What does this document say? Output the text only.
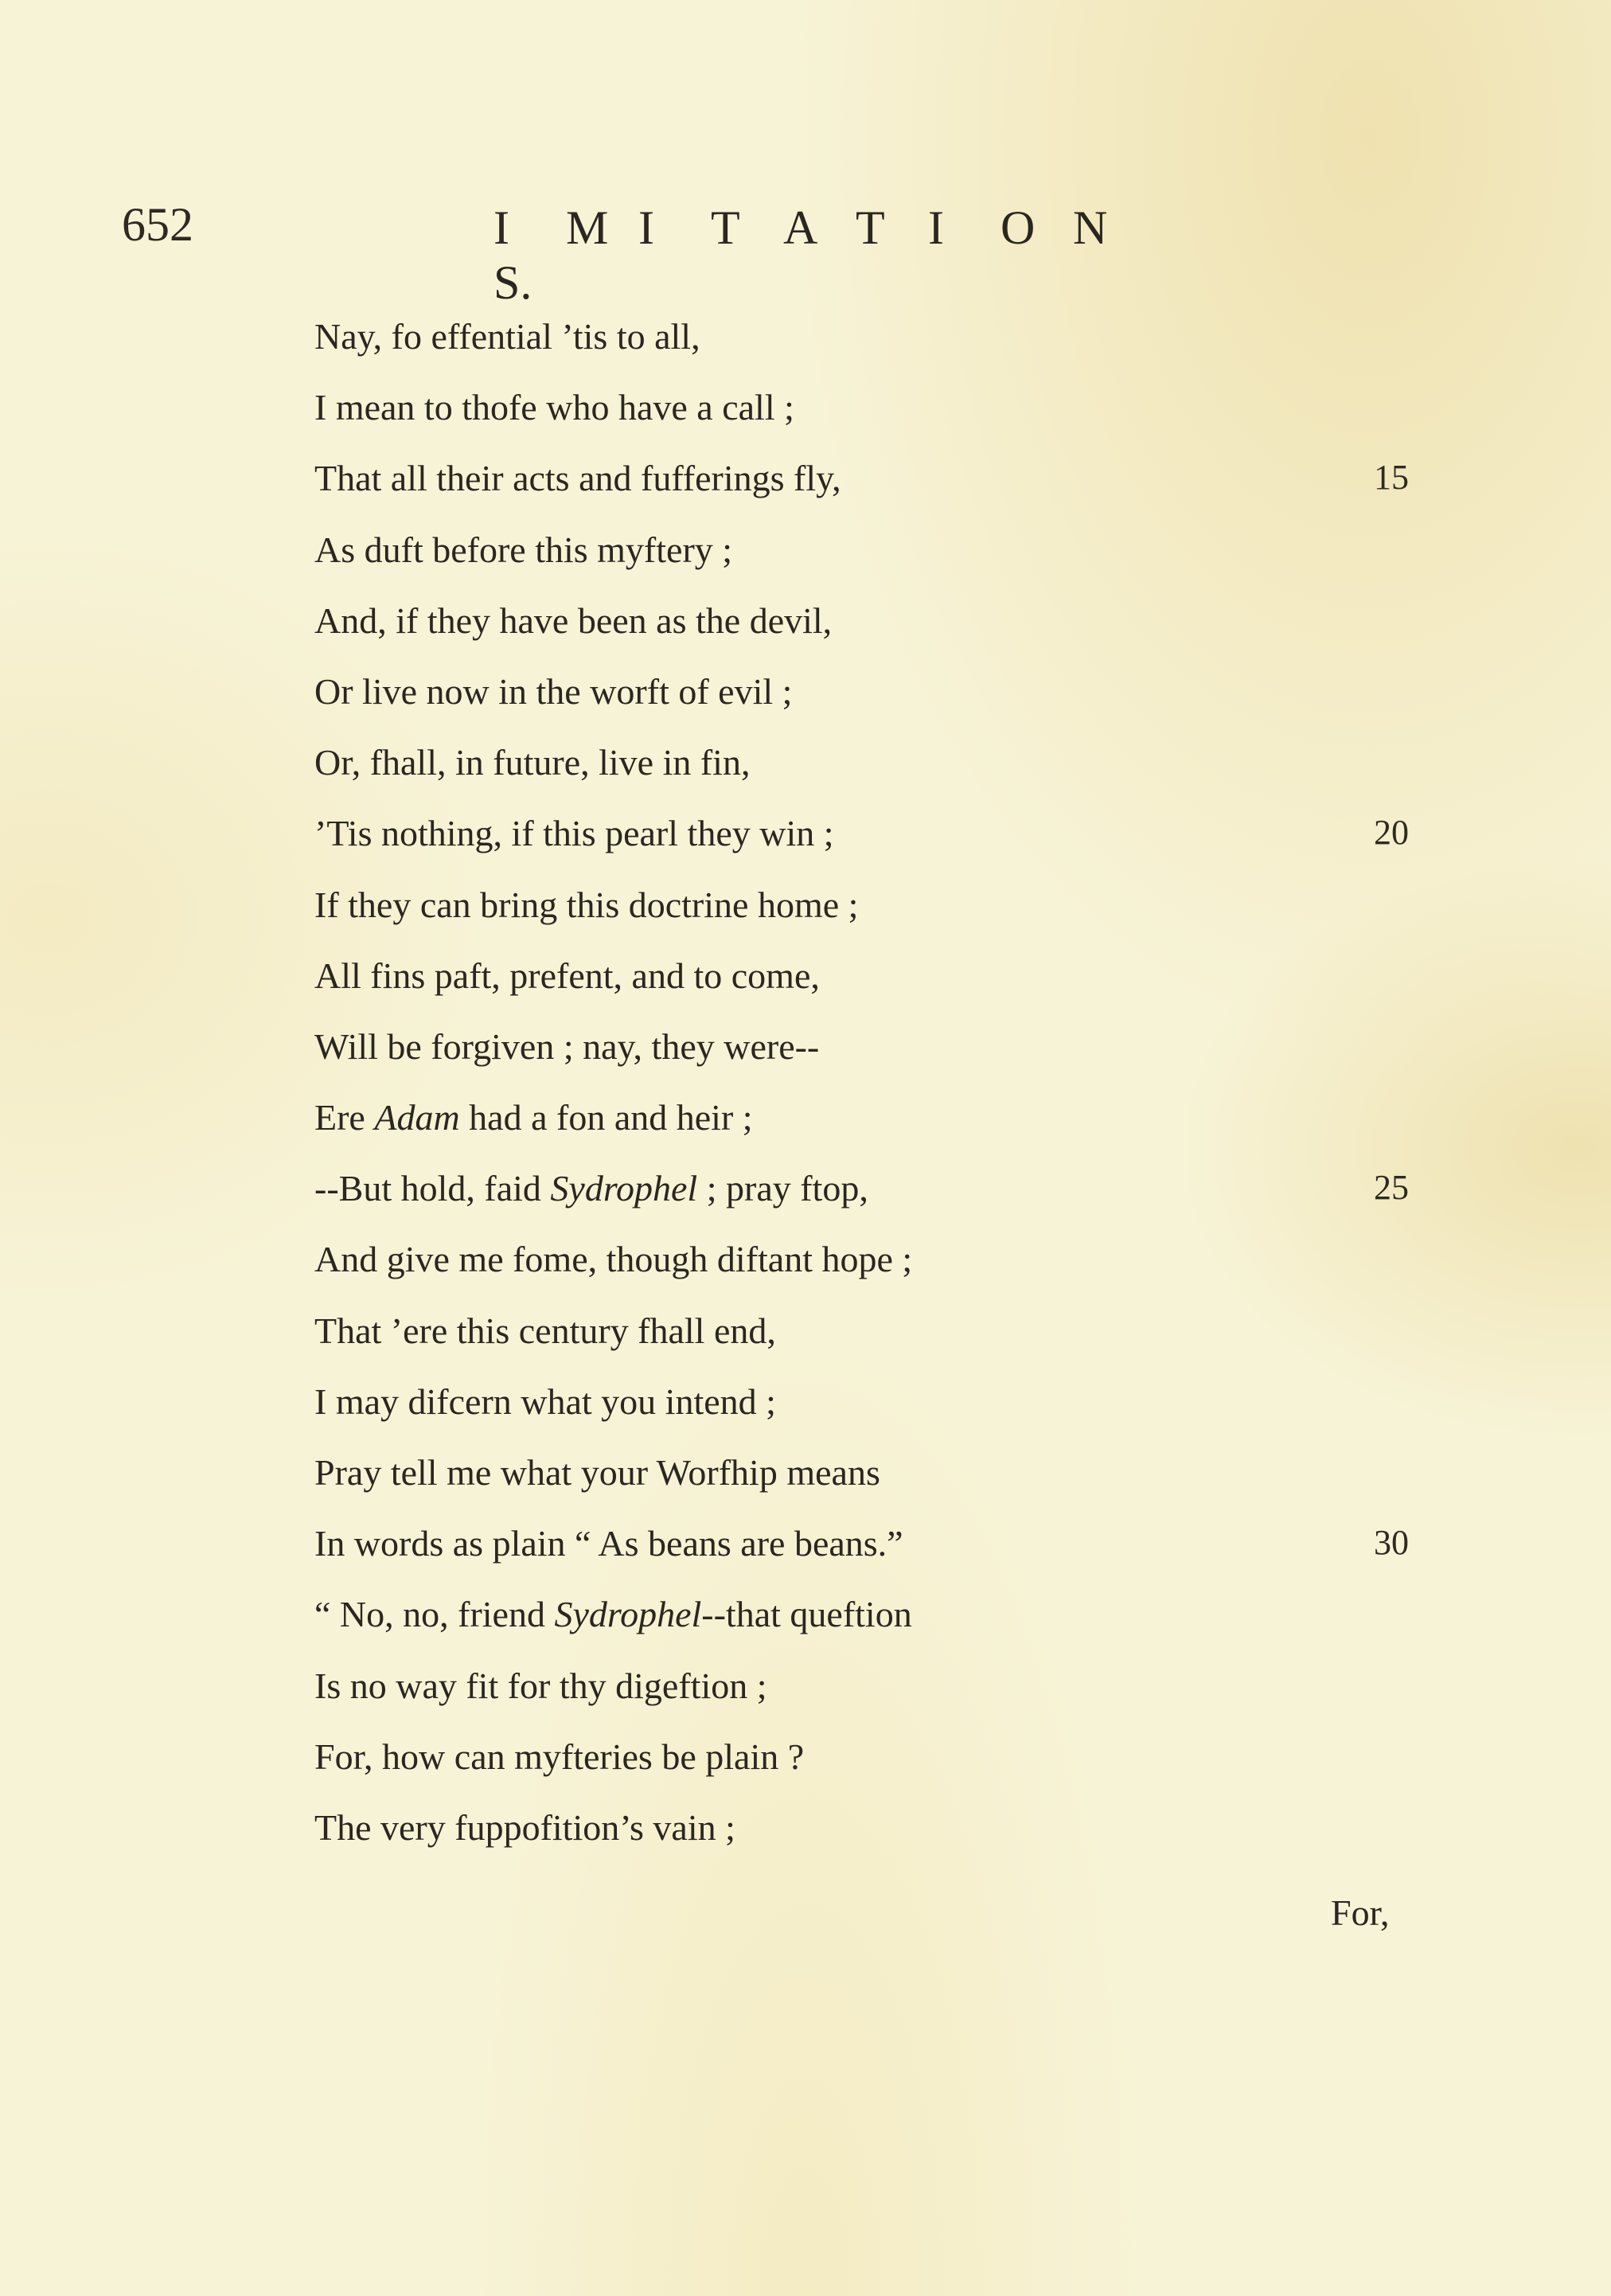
652	I M I T A T I O NS.
Nay, fo effential ’tis to all,
I mean to thofe who have a call ;
That all their acts and fufferings fly,
As duft before this myftery ;
And, if they have been as the devil,
Or live now in the worft of evil ;
Or, fhall, in future, live in fin,
’Tis nothing, if this pearl they win ;
If they can bring this doctrine home ;
All fins paft, prefent, and to come,
Will be forgiven ; nay, they were--
Ere Adam had a fon and heir ;
--But hold, faid Sydrophel ; pray ftop,
And give me fome, though diftant hope ;
That ’ere this century fhall end,
I may difcern what you intend ;
Pray tell me what your Worfhip means
In words as plain “ As beans are beans.”
“ No, no, friend Sydrophel--that queftion
Is no way fit for thy digeftion ;
For, how can myfteries be plain ?
The very fuppofition’s vain ;
15
20
25
30
For,
